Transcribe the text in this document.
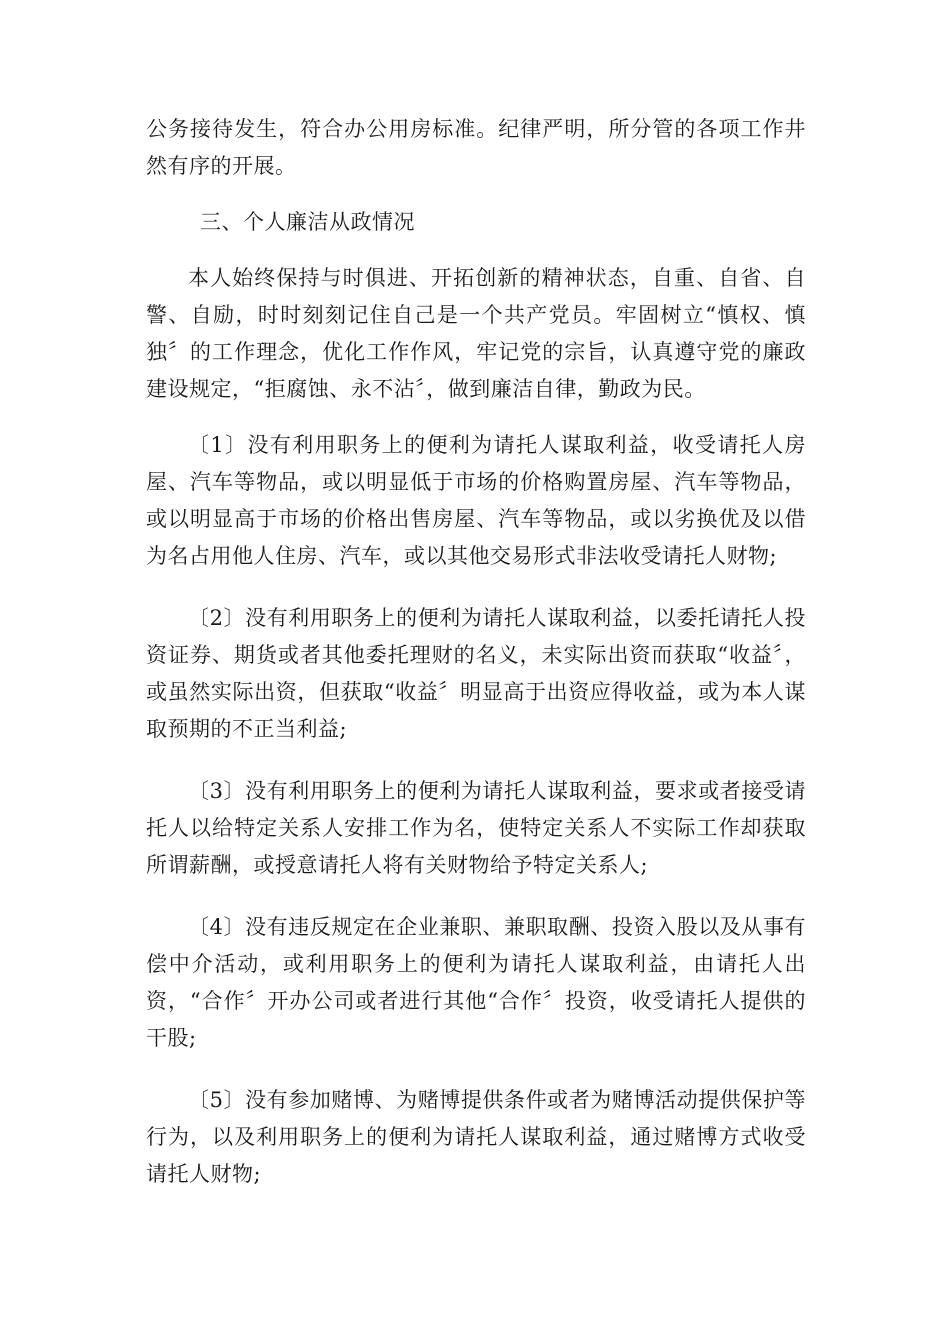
公务接待发生，符合办公用房标准。纪律严明，所分管的各项工作井然有序的开展。

三、个人廉洁从政情况

本人始终保持与时俱进、开拓创新的精神状态，自重、自省、自警、自励，时时刻刻记住自己是一个共产党员。牢固树立“慎权、慎独〞的工作理念，优化工作作风，牢记党的宗旨，认真遵守党的廉政建设规定，“拒腐蚀、永不沾〞，做到廉洁自律，勤政为民。

〔1〕没有利用职务上的便利为请托人谋取利益，收受请托人房屋、汽车等物品，或以明显低于市场的价格购置房屋、汽车等物品，或以明显高于市场的价格出售房屋、汽车等物品，或以劣换优及以借为名占用他人住房、汽车，或以其他交易形式非法收受请托人财物;

〔2〕没有利用职务上的便利为请托人谋取利益，以委托请托人投资证券、期货或者其他委托理财的名义，未实际出资而获取“收益〞，或虽然实际出资，但获取“收益〞明显高于出资应得收益，或为本人谋取预期的不正当利益;

〔3〕没有利用职务上的便利为请托人谋取利益，要求或者接受请托人以给特定关系人安排工作为名，使特定关系人不实际工作却获取所谓薪酬，或授意请托人将有关财物给予特定关系人;

〔4〕没有违反规定在企业兼职、兼职取酬、投资入股以及从事有偿中介活动，或利用职务上的便利为请托人谋取利益，由请托人出资，“合作〞开办公司或者进行其他“合作〞投资，收受请托人提供的干股;

〔5〕没有参加赌博、为赌博提供条件或者为赌博活动提供保护等行为，以及利用职务上的便利为请托人谋取利益，通过赌博方式收受请托人财物;
